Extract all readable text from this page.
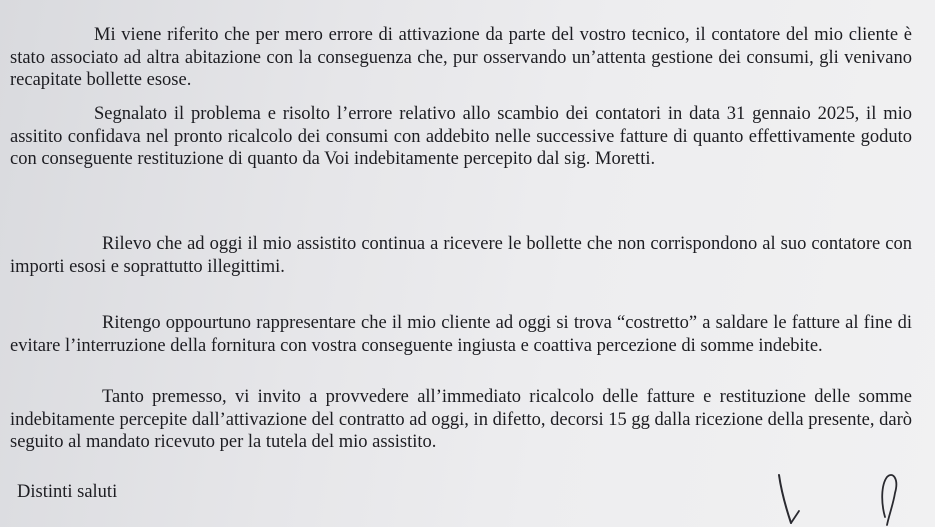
Mi viene riferito che per mero errore di attivazione da parte del vostro tecnico, il contatore del mio cliente è stato associato ad altra abitazione con la conseguenza che, pur osservando un’attenta gestione dei consumi, gli venivano recapitate bollette esose.

Segnalato il problema e risolto l’errore relativo allo scambio dei contatori in data 31 gennaio 2025, il mio assitito confidava nel pronto ricalcolo dei consumi con addebito nelle successive fatture di quanto effettivamente goduto con conseguente restituzione di quanto da Voi indebitamente percepito dal sig. Moretti.

Rilevo che ad oggi il mio assistito continua a ricevere le bollette che non corrispondono al suo contatore con importi esosi e soprattutto illegittimi.

Ritengo oppourtuno rappresentare che il mio cliente ad oggi si trova “costretto” a saldare le fatture al fine di evitare l’interruzione della fornitura con vostra conseguente ingiusta e coattiva percezione di somme indebite.

Tanto premesso, vi invito a provvedere all’immediato ricalcolo delle fatture e restituzione delle somme indebitamente percepite dall’attivazione del contratto ad oggi, in difetto, decorsi 15 gg dalla ricezione della presente, darò seguito al mandato ricevuto per la tutela del mio assistito.

Distinti saluti
